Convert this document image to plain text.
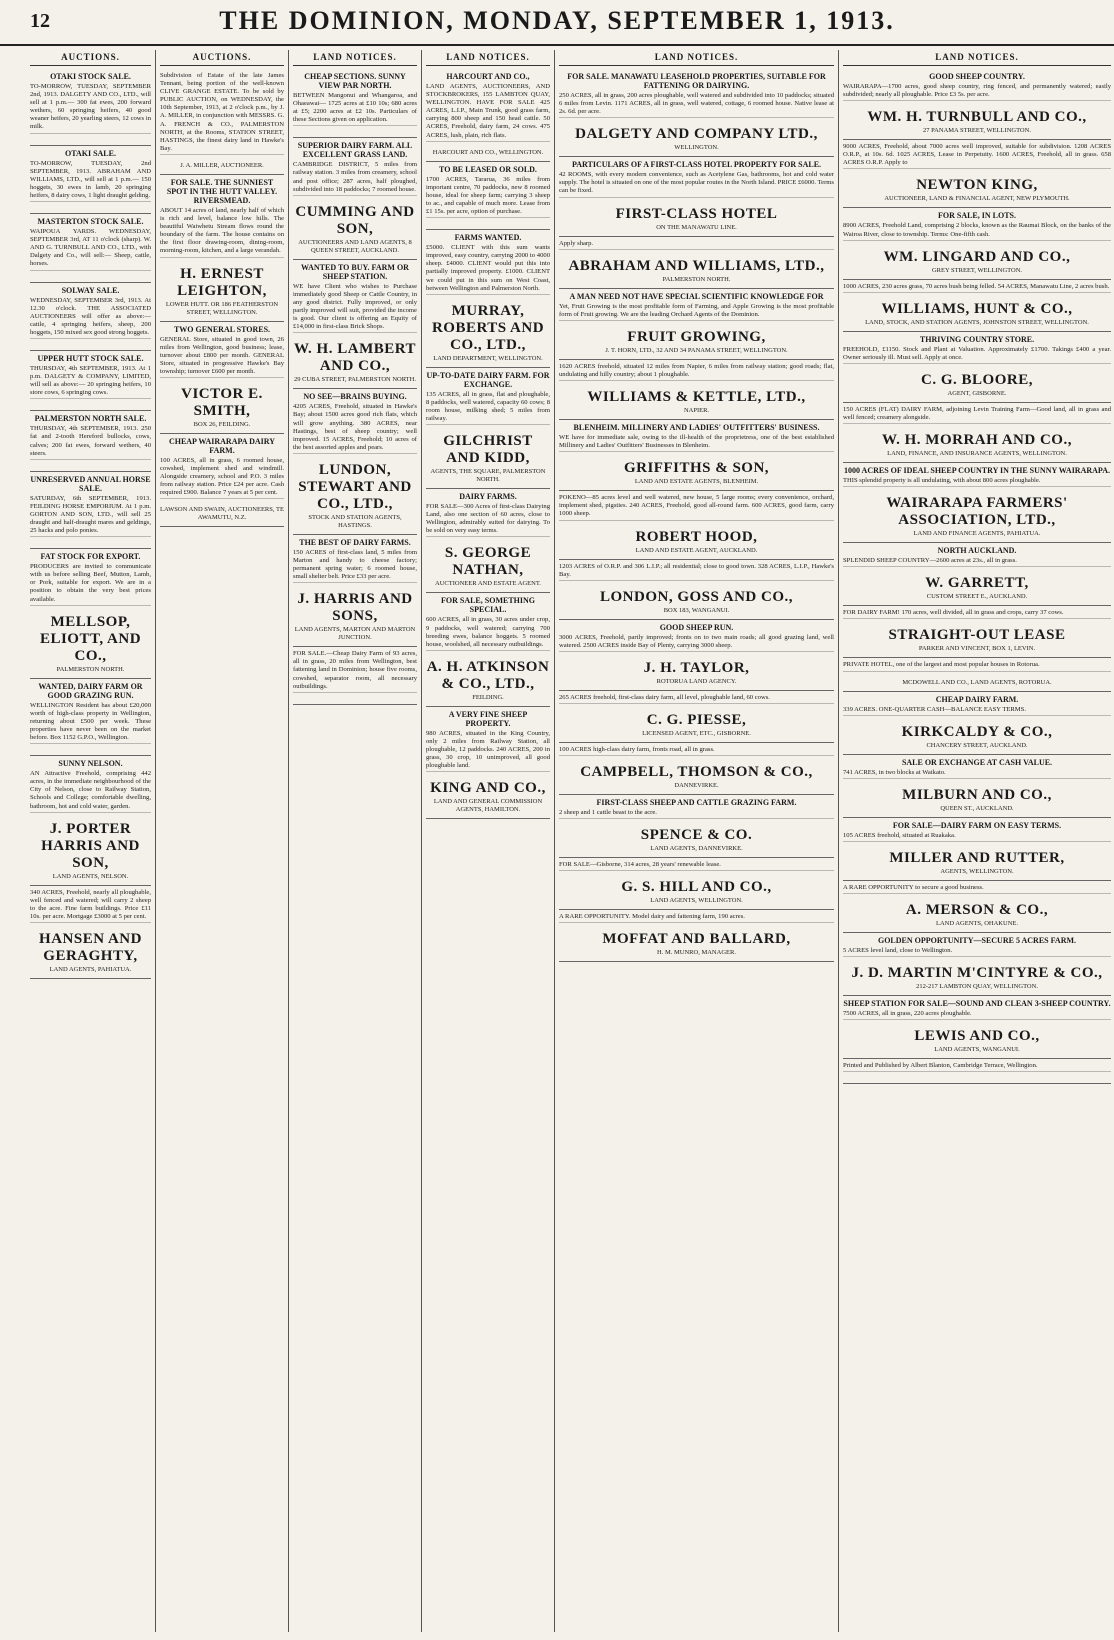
12	THE DOMINION, MONDAY, SEPTEMBER 1, 1913.
AUCTIONS.
OTAKI STOCK SALE.
TO-MORROW, TUESDAY, SEPTEMBER 2nd, 1913. DALGETY AND CO., LTD., will sell at 1 p.m.— 300 fat ewes, 200 forward wethers, 60 springing heifers, 40 good weaner heifers, 20 yearling steers, 12 cows in milk.
OTAKI SALE.
TO-MORROW, TUESDAY, 2nd SEPTEMBER, 1913. ABRAHAM AND WILLIAMS, LTD., will sell at 1 p.m.— 150 hoggets, 30 ewes in lamb, 20 springing heifers, 8 dairy cows, 1 light draught gelding.
MASTERTON STOCK SALE.
WAIPOUA YARDS. WEDNESDAY, SEPTEMBER 3rd, AT 11 o'clock (sharp). W. AND G. TURNBULL AND CO., LTD., with Dalgety and Co., will sell:— Sheep, cattle, horses.
SOLWAY SALE.
WEDNESDAY, SEPTEMBER 3rd, 1913. At 12.30 o'clock. THE ASSOCIATED AUCTIONEERS will offer as above:— cattle, 4 springing heifers, sheep, 200 hoggets, 150 mixed sex good strong hoggets.
UPPER HUTT STOCK SALE.
THURSDAY, 4th SEPTEMBER, 1913. At 1 p.m. DALGETY & COMPANY, LIMITED, will sell as above:— 20 springing heifers, 10 store cows, 6 springing cows.
PALMERSTON NORTH SALE.
THURSDAY, 4th SEPTEMBER, 1913. 250 fat and 2-tooth Hereford bullocks, cows, calves; 200 fat ewes, forward wethers, 40 steers.
UNRESERVED ANNUAL HORSE SALE.
SATURDAY, 6th SEPTEMBER, 1913. FEILDING HORSE EMPORIUM. At 1 p.m. GORTON AND SON, LTD., will sell 25 draught and half-draught mares and geldings, 25 hacks and polo ponies.
FAT STOCK FOR EXPORT.
PRODUCERS are invited to communicate with us before selling Beef, Mutton, Lamb, or Pork, suitable for export. We are in a position to obtain the very best prices available.
MELLSOP, ELIOTT, AND CO.,
PALMERSTON NORTH.
WANTED, DAIRY FARM OR GOOD GRAZING RUN.
WELLINGTON Resident has about £20,000 worth of high-class property in Wellington, returning about £500 per week. These properties have never been on the market before. Box 1152 G.P.O., Wellington.
SUNNY NELSON.
AN Attractive Freehold, comprising 442 acres, in the immediate neighbourhood of the City of Nelson, close to Railway Station, Schools and College; comfortable dwelling, bathroom, hot and cold water, garden.
J. PORTER HARRIS AND SON,
LAND AGENTS, NELSON.
340 ACRES, Freehold, nearly all ploughable, well fenced and watered; will carry 2 sheep to the acre. Fine farm buildings. Price £11 10s. per acre. Mortgage £3000 at 5 per cent.
HANSEN AND GERAGHTY,
LAND AGENTS, PAHIATUA.
AUCTIONS.
Subdivision of Estate of the late James Tennant, being portion of the well-known CLIVE GRANGE ESTATE. To be sold by PUBLIC AUCTION, on WEDNESDAY, the 10th September, 1913, at 2 o'clock p.m., by J. A. MILLER, in conjunction with MESSRS. G. A. FRENCH & CO., PALMERSTON NORTH, at the Rooms, STATION STREET, HASTINGS, the finest dairy land in Hawke's Bay.
J. A. MILLER, AUCTIONEER.
FOR SALE. THE SUNNIEST SPOT IN THE HUTT VALLEY. RIVERSMEAD.
ABOUT 14 acres of land, nearly half of which is rich and level, balance low hills. The beautiful Waiwhetu Stream flows round the boundary of the farm. The house contains on the first floor drawing-room, dining-room, morning-room, kitchen, and a large verandah.
H. ERNEST LEIGHTON,
LOWER HUTT. OR 186 FEATHERSTON STREET, WELLINGTON.
TWO GENERAL STORES.
GENERAL Store, situated in good town, 26 miles from Wellington, good business; lease, turnover about £800 per month. GENERAL Store, situated in progressive Hawke's Bay township; turnover £600 per month.
VICTOR E. SMITH,
BOX 26, FEILDING.
CHEAP WAIRARAPA DAIRY FARM.
100 ACRES, all in grass, 6 roomed house, cowshed, implement shed and windmill. Alongside creamery, school and P.O. 3 miles from railway station. Price £24 per acre. Cash required £900. Balance 7 years at 5 per cent.
LAWSON AND SWAIN, AUCTIONEERS, TE AWAMUTU, N.Z.
LAND NOTICES.
CHEAP SECTIONS. SUNNY VIEW PAR NORTH.
BETWEEN Mangonui and Whangaroa, and Ohaeawai— 1725 acres at £10 10s; 680 acres at £5; 2200 acres at £2 10s. Particulars of these Sections given on application.
SUPERIOR DAIRY FARM. ALL EXCELLENT GRASS LAND.
CAMBRIDGE DISTRICT, 5 miles from railway station. 3 miles from creamery, school and post office; 287 acres, half ploughed, subdivided into 18 paddocks; 7 roomed house.
CUMMING AND SON,
AUCTIONEERS AND LAND AGENTS, 8 QUEEN STREET, AUCKLAND.
WANTED TO BUY. FARM OR SHEEP STATION.
WE have Client who wishes to Purchase immediately good Sheep or Cattle Country, in any good district. Fully improved, or only partly improved will suit, provided the income is good. Our client is offering an Equity of £14,000 in first-class Brick Shops.
W. H. LAMBERT AND CO.,
29 CUBA STREET, PALMERSTON NORTH.
NO SEE—BRAINS BUYING.
4205 ACRES, Freehold, situated in Hawke's Bay; about 1500 acres good rich flats, which will grow anything. 380 ACRES, near Hastings, best of sheep country; well improved. 15 ACRES, Freehold; 10 acres of the best assorted apples and pears.
LUNDON, STEWART AND CO., LTD.,
STOCK AND STATION AGENTS, HASTINGS.
THE BEST OF DAIRY FARMS.
150 ACRES of first-class land, 5 miles from Marton and handy to cheese factory; permanent spring water; 6 roomed house, small shelter belt. Price £33 per acre.
J. HARRIS AND SONS,
LAND AGENTS, MARTON AND MARTON JUNCTION.
FOR SALE.—Cheap Dairy Farm of 93 acres, all in grass, 20 miles from Wellington, best fattening land in Dominion; house five rooms, cowshed, separator room, all necessary outbuildings.
LAND NOTICES.
HARCOURT AND CO.,
LAND AGENTS, AUCTIONEERS, AND STOCKBROKERS, 155 LAMBTON QUAY, WELLINGTON. HAVE FOR SALE 425 ACRES, L.I.P., Main Trunk, good grass farm, carrying 800 sheep and 150 head cattle. 50 ACRES, Freehold, dairy farm, 24 cows. 475 ACRES, lush, plain, rich flats.
HARCOURT AND CO., WELLINGTON.
TO BE LEASED OR SOLD.
1700 ACRES, Tararua, 36 miles from important centre, 70 paddocks, new 8 roomed house, ideal for sheep farm; carrying 3 sheep to ac., and capable of much more. Lease from £1 15s. per acre, option of purchase.
FARMS WANTED.
£5000. CLIENT with this sum wants improved, easy country, carrying 2000 to 4000 sheep. £4000. CLIENT would put this into partially improved property. £1000. CLIENT we could put in this sum on West Coast, between Wellington and Palmerston North.
MURRAY, ROBERTS AND CO., LTD.,
LAND DEPARTMENT, WELLINGTON.
UP-TO-DATE DAIRY FARM. FOR EXCHANGE.
135 ACRES, all in grass, flat and ploughable, 8 paddocks, well watered, capacity 60 cows; 8 room house, milking shed; 5 miles from railway.
GILCHRIST AND KIDD,
AGENTS, THE SQUARE, PALMERSTON NORTH.
DAIRY FARMS.
FOR SALE—300 Acres of first-class Dairying Land, also one section of 60 acres, close to Wellington, admirably suited for dairying. To be sold on very easy terms.
S. GEORGE NATHAN,
AUCTIONEER AND ESTATE AGENT.
FOR SALE, SOMETHING SPECIAL.
600 ACRES, all in grass, 30 acres under crop, 9 paddocks, well watered; carrying 700 breeding ewes, balance hoggets. 5 roomed house, woolshed, all necessary outbuildings.
A. H. ATKINSON & CO., LTD.,
FEILDING.
A VERY FINE SHEEP PROPERTY.
980 ACRES, situated in the King Country, only 2 miles from Railway Station, all ploughable, 12 paddocks. 240 ACRES, 200 in grass, 30 crop, 10 unimproved, all good ploughable land.
KING AND CO.,
LAND AND GENERAL COMMISSION AGENTS, HAMILTON.
LAND NOTICES.
FOR SALE. MANAWATU LEASEHOLD PROPERTIES, SUITABLE FOR FATTENING OR DAIRYING.
250 ACRES, all in grass, 200 acres ploughable, well watered and subdivided into 10 paddocks; situated 6 miles from Levin. 1171 ACRES, all in grass, well watered, cottage, 6 roomed house. Native lease at 2s. 6d. per acre.
DALGETY AND COMPANY LTD.,
WELLINGTON.
PARTICULARS OF A FIRST-CLASS HOTEL PROPERTY FOR SALE.
42 ROOMS, with every modern convenience, such as Acetylene Gas, bathrooms, hot and cold water supply. The hotel is situated on one of the most popular routes in the North Island. PRICE £6000. Terms can be fixed.
FIRST-CLASS HOTEL
ON THE MANAWATU LINE.
Apply sharp.
ABRAHAM AND WILLIAMS, LTD.,
PALMERSTON NORTH.
A MAN NEED NOT HAVE SPECIAL SCIENTIFIC KNOWLEDGE FOR
Yet, Fruit Growing is the most profitable form of Farming, and Apple Growing is the most profitable form of Fruit growing. We are the leading Orchard Agents of the Dominion.
FRUIT GROWING,
J. T. HORN, LTD., 32 AND 34 PANAMA STREET, WELLINGTON.
1620 ACRES freehold, situated 12 miles from Napier, 6 miles from railway station; good roads; flat, undulating and hilly country; about 1 ploughable.
WILLIAMS & KETTLE, LTD.,
NAPIER.
BLENHEIM. MILLINERY AND LADIES' OUTFITTERS' BUSINESS.
WE have for immediate sale, owing to the ill-health of the proprietress, one of the best established Millinery and Ladies' Outfitters' Businesses in Blenheim.
GRIFFITHS & SON,
LAND AND ESTATE AGENTS, BLENHEIM.
POKENO—85 acres level and well watered, new house, 5 large rooms; every convenience, orchard, implement shed, pigsties. 240 ACRES, Freehold, good all-round farm. 600 ACRES, good farm, carry 1000 sheep.
ROBERT HOOD,
LAND AND ESTATE AGENT, AUCKLAND.
1203 ACRES of O.R.P. and 306 L.I.P.; all residential; close to good town. 328 ACRES, L.I.P., Hawke's Bay.
LONDON, GOSS AND CO.,
BOX 183, WANGANUI.
GOOD SHEEP RUN.
3000 ACRES, Freehold, partly improved; fronts on to two main roads; all good grazing land, well watered. 2500 ACRES inside Bay of Plenty, carrying 3000 sheep.
J. H. TAYLOR,
ROTORUA LAND AGENCY.
265 ACRES freehold, first-class dairy farm, all level, ploughable land, 60 cows.
C. G. PIESSE,
LICENSED AGENT, ETC., GISBORNE.
100 ACRES high-class dairy farm, fronts road, all in grass.
CAMPBELL, THOMSON & CO.,
DANNEVIRKE.
FIRST-CLASS SHEEP AND CATTLE GRAZING FARM.
2 sheep and 1 cattle beast to the acre.
SPENCE & CO.
LAND AGENTS, DANNEVIRKE.
FOR SALE—Gisborne, 314 acres, 28 years' renewable lease.
G. S. HILL AND CO.,
LAND AGENTS, WELLINGTON.
A RARE OPPORTUNITY. Model dairy and fattening farm, 190 acres.
MOFFAT AND BALLARD,
H. M. MUNRO, MANAGER.
LAND NOTICES.
GOOD SHEEP COUNTRY.
WAIRARAPA—1700 acres, good sheep country, ring fenced, and permanently watered; easily subdivided; nearly all ploughable. Price £3 5s. per acre.
WM. H. TURNBULL AND CO.,
27 PANAMA STREET, WELLINGTON.
9000 ACRES, Freehold, about 7000 acres well improved, suitable for subdivision. 1208 ACRES O.R.P., at 10s. 6d. 1025 ACRES, Lease in Perpetuity. 1600 ACRES, Freehold, all in grass. 658 ACRES O.R.P. Apply to
NEWTON KING,
AUCTIONEER, LAND & FINANCIAL AGENT, NEW PLYMOUTH.
FOR SALE, IN LOTS.
8900 ACRES, Freehold Land, comprising 2 blocks, known as the Raumai Block, on the banks of the Wairoa River, close to township. Terms: One-fifth cash.
WM. LINGARD AND CO.,
GREY STREET, WELLINGTON.
1000 ACRES, 230 acres grass, 70 acres bush being felled. 54 ACRES, Manawatu Line, 2 acres bush.
WILLIAMS, HUNT & CO.,
LAND, STOCK, AND STATION AGENTS, JOHNSTON STREET, WELLINGTON.
THRIVING COUNTRY STORE.
FREEHOLD, £1150. Stock and Plant at Valuation. Approximately £1700. Takings £400 a year. Owner seriously ill. Must sell. Apply at once.
C. G. BLOORE,
AGENT, GISBORNE.
150 ACRES (FLAT) DAIRY FARM, adjoining Levin Training Farm—Good land, all in grass and well fenced; creamery alongside.
W. H. MORRAH AND CO.,
LAND, FINANCE, AND INSURANCE AGENTS, WELLINGTON.
1000 ACRES OF IDEAL SHEEP COUNTRY IN THE SUNNY WAIRARAPA.
THIS splendid property is all undulating, with about 800 acres ploughable.
WAIRARAPA FARMERS' ASSOCIATION, LTD.,
LAND AND FINANCE AGENTS, PAHIATUA.
NORTH AUCKLAND.
SPLENDID SHEEP COUNTRY—2600 acres at 23s., all in grass.
W. GARRETT,
CUSTOM STREET E., AUCKLAND.
FOR DAIRY FARM! 170 acres, well divided, all in grass and crops, carry 37 cows.
STRAIGHT-OUT LEASE
PARKER AND VINCENT, BOX 1, LEVIN.
PRIVATE HOTEL, one of the largest and most popular houses in Rotorua.
MCDOWELL AND CO., LAND AGENTS, ROTORUA.
CHEAP DAIRY FARM.
339 ACRES. ONE-QUARTER CASH—BALANCE EASY TERMS.
KIRKCALDY & CO.,
CHANCERY STREET, AUCKLAND.
SALE OR EXCHANGE AT CASH VALUE.
741 ACRES, in two blocks at Waikato.
MILBURN AND CO.,
QUEEN ST., AUCKLAND.
FOR SALE—DAIRY FARM ON EASY TERMS.
105 ACRES freehold, situated at Ruakaka.
MILLER AND RUTTER,
AGENTS, WELLINGTON.
A RARE OPPORTUNITY to secure a good business.
A. MERSON & CO.,
LAND AGENTS, OHAKUNE.
GOLDEN OPPORTUNITY—SECURE 5 ACRES FARM.
5 ACRES level land, close to Wellington.
J. D. MARTIN M'CINTYRE & CO.,
212-217 LAMBTON QUAY, WELLINGTON.
SHEEP STATION FOR SALE—SOUND AND CLEAN 3-SHEEP COUNTRY.
7500 ACRES, all in grass, 220 acres ploughable.
LEWIS AND CO.,
LAND AGENTS, WANGANUI.
Printed and Published by Albert Blanton, Cambridge Terrace, Wellington.
